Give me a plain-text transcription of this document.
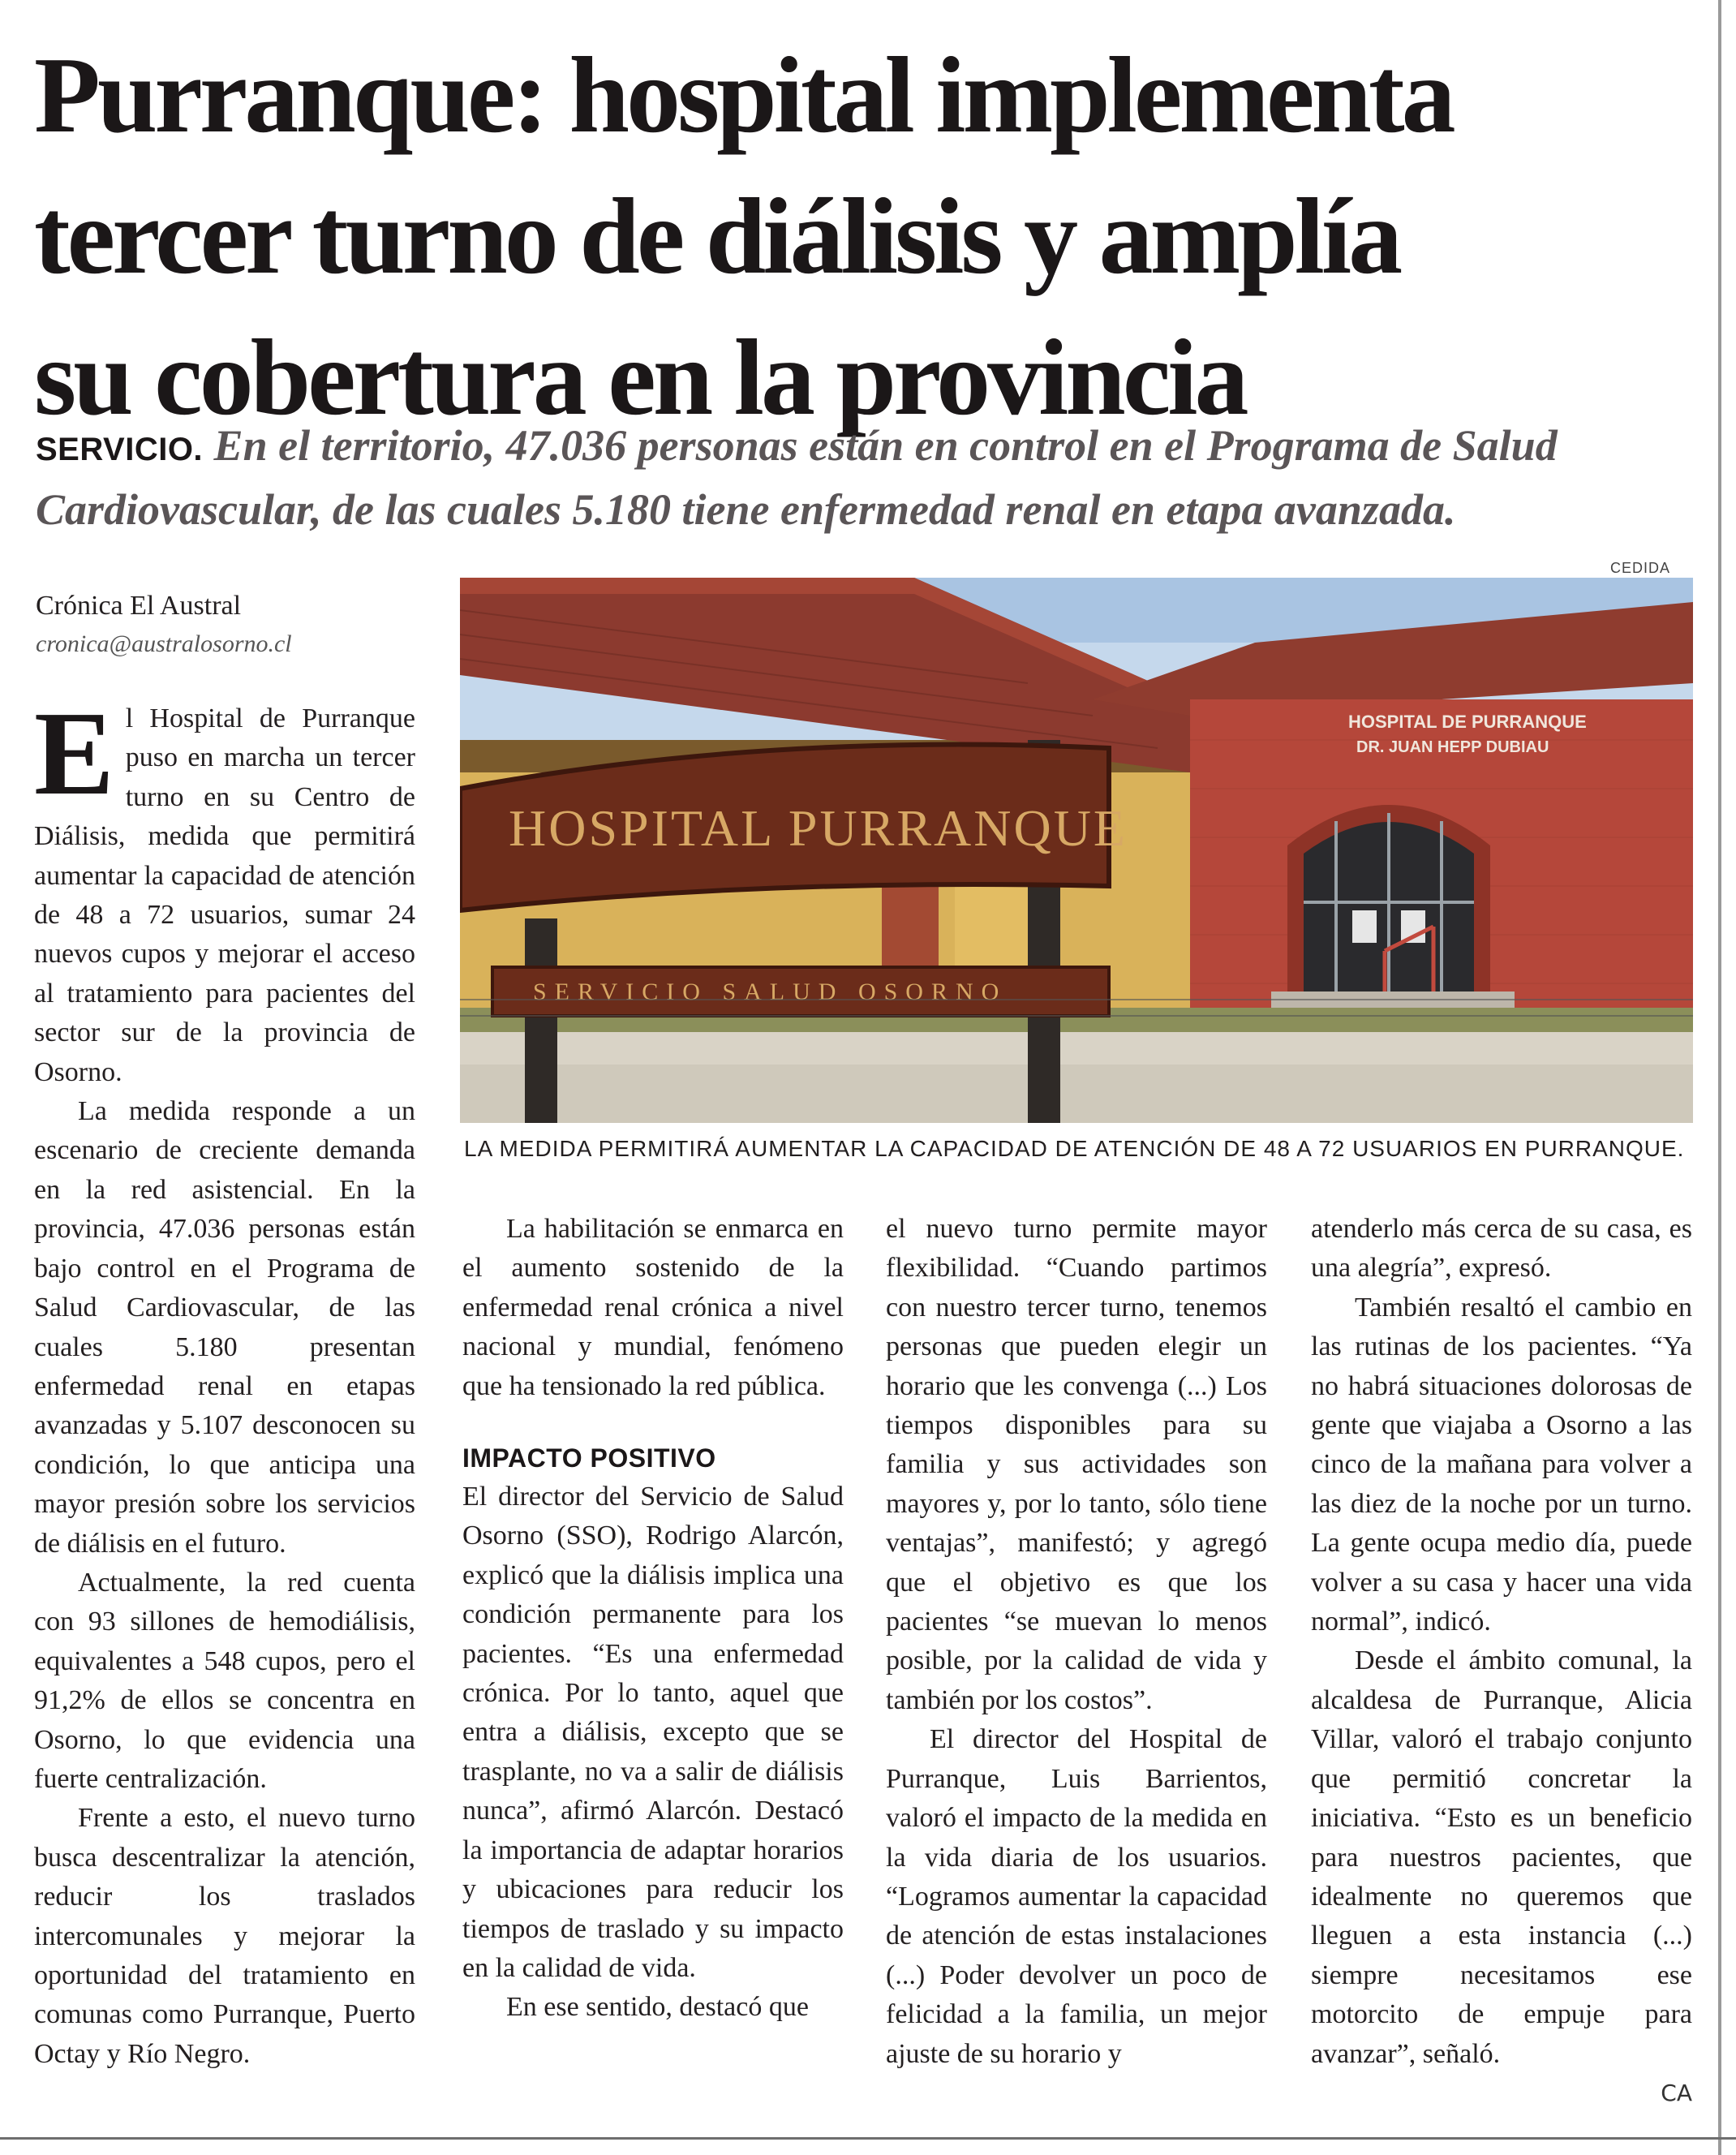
Purranque: hospital implementa
tercer turno de diálisis y amplía
su cobertura en la provincia

SERVICIO. En el territorio, 47.036 personas están en control en el Programa de Salud Cardiovascular, de las cuales 5.180 tiene enfermedad renal en etapa avanzada.

Crónica El Austral
cronica@australosorno.cl
CEDIDA
HOSPITAL DE PURRANQUE
DR. JUAN HEPP DUBIAU
HOSPITAL PURRANQUE
SERVICIO SALUD OSORNO
LA MEDIDA PERMITIRÁ AUMENTAR LA CAPACIDAD DE ATENCIÓN DE 48 A 72 USUARIOS EN PURRANQUE.

El Hospital de Purranque puso en marcha un tercer turno en su Centro de Diálisis, medida que permitirá aumentar la capacidad de atención de 48 a 72 usuarios, sumar 24 nuevos cupos y mejorar el acceso al tratamiento para pacientes del sector sur de la provincia de Osorno.

La medida responde a un escenario de creciente demanda en la red asistencial. En la provincia, 47.036 personas están bajo control en el Programa de Salud Cardiovascular, de las cuales 5.180 presentan enfermedad renal en etapas avanzadas y 5.107 desconocen su condición, lo que anticipa una mayor presión sobre los servicios de diálisis en el futuro.

Actualmente, la red cuenta con 93 sillones de hemodiálisis, equivalentes a 548 cupos, pero el 91,2% de ellos se concentra en Osorno, lo que evidencia una fuerte centralización.

Frente a esto, el nuevo turno busca descentralizar la atención, reducir los traslados intercomunales y mejorar la oportunidad del tratamiento en comunas como Purranque, Puerto Octay y Río Negro.

La habilitación se enmarca en el aumento sostenido de la enfermedad renal crónica a nivel nacional y mundial, fenómeno que ha tensionado la red pública.

IMPACTO POSITIVO

El director del Servicio de Salud Osorno (SSO), Rodrigo Alarcón, explicó que la diálisis implica una condición permanente para los pacientes. “Es una enfermedad crónica. Por lo tanto, aquel que entra a diálisis, excepto que se trasplante, no va a salir de diálisis nunca”, afirmó Alarcón. Destacó la importancia de adaptar horarios y ubicaciones para reducir los tiempos de traslado y su impacto en la calidad de vida.

En ese sentido, destacó que

el nuevo turno permite mayor flexibilidad. “Cuando partimos con nuestro tercer turno, tenemos personas que pueden elegir un horario que les convenga (...) Los tiempos disponibles para su familia y sus actividades son mayores y, por lo tanto, sólo tiene ventajas”, manifestó; y agregó que el objetivo es que los pacientes “se muevan lo menos posible, por la calidad de vida y también por los costos”.

El director del Hospital de Purranque, Luis Barrientos, valoró el impacto de la medida en la vida diaria de los usuarios. “Logramos aumentar la capacidad de atención de estas instalaciones (...) Poder devolver un poco de felicidad a la familia, un mejor ajuste de su horario y

atenderlo más cerca de su casa, es una alegría”, expresó.

También resaltó el cambio en las rutinas de los pacientes. “Ya no habrá situaciones dolorosas de gente que viajaba a Osorno a las cinco de la mañana para volver a las diez de la noche por un turno. La gente ocupa medio día, puede volver a su casa y hacer una vida normal”, indicó.

Desde el ámbito comunal, la alcaldesa de Purranque, Alicia Villar, valoró el trabajo conjunto que permitió concretar la iniciativa. “Esto es un beneficio para nuestros pacientes, que idealmente no queremos que lleguen a esta instancia (...) siempre necesitamos ese motorcito de empuje para avanzar”, señaló.

CA
